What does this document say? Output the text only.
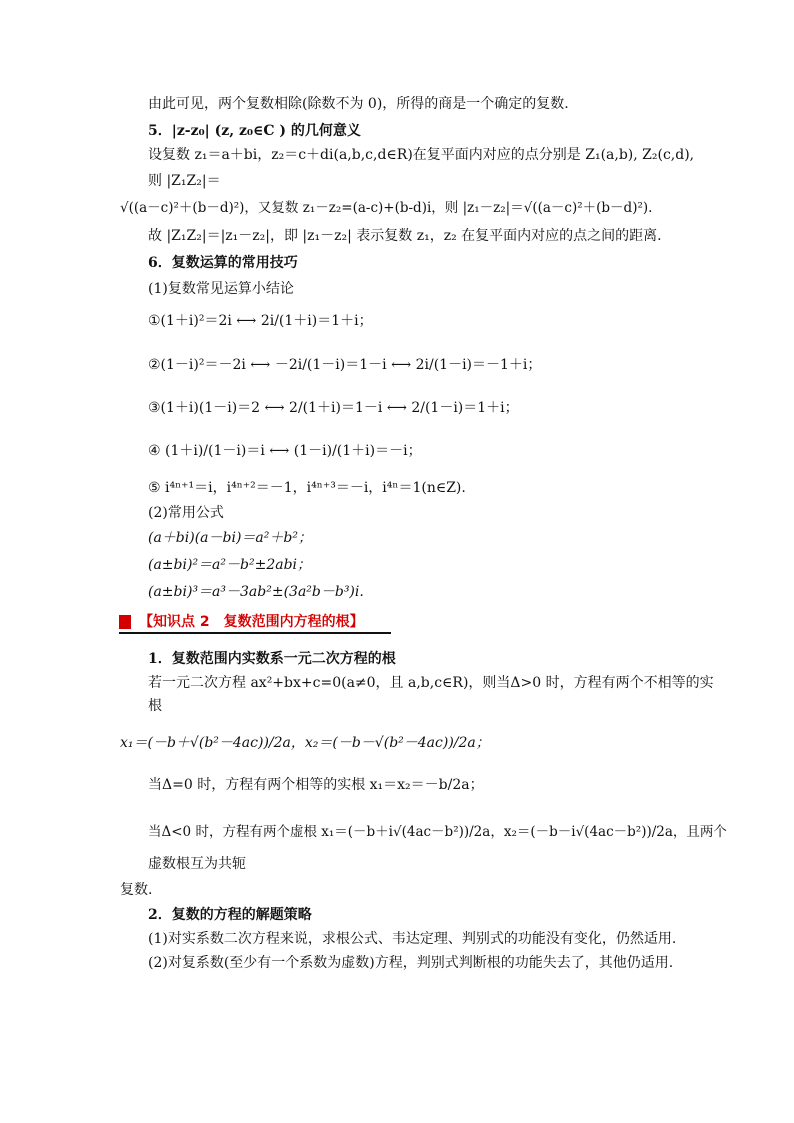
由此可见，两个复数相除(除数不为 0)，所得的商是一个确定的复数.
5．|z-z₀| (z, z₀∈C ) 的几何意义
设复数 z₁＝a＋bi，z₂＝c＋di(a,b,c,d∈R)在复平面内对应的点分别是 Z₁(a,b), Z₂(c,d),
则 |Z₁Z₂|＝
√((a－c)²＋(b－d)²)，又复数 z₁－z₂=(a-c)+(b-d)i，则 |z₁－z₂|＝√((a－c)²＋(b－d)²).
故 |Z₁Z₂|＝|z₁－z₂|，即 |z₁－z₂| 表示复数 z₁，z₂ 在复平面内对应的点之间的距离.
6．复数运算的常用技巧
(1)复数常见运算小结论
①(1＋i)²＝2i ⟷ 2i/(1＋i)＝1＋i；
②(1－i)²＝－2i ⟷ －2i/(1－i)＝1－i ⟷ 2i/(1－i)＝－1＋i；
③(1＋i)(1－i)＝2 ⟷ 2/(1＋i)＝1－i ⟷ 2/(1－i)＝1＋i；
④ (1＋i)/(1－i)＝i ⟷ (1－i)/(1＋i)＝－i；
⑤ i⁴ⁿ⁺¹＝i，i⁴ⁿ⁺²＝－1，i⁴ⁿ⁺³＝－i，i⁴ⁿ＝1(n∈Z).
(2)常用公式
(a＋bi)(a－bi)＝a²＋b²；
(a±bi)²＝a²－b²±2abi；
(a±bi)³＝a³－3ab²±(3a²b－b³)i.
【知识点 2　复数范围内方程的根】
1．复数范围内实数系一元二次方程的根
若一元二次方程 ax²+bx+c=0(a≠0，且 a,b,c∈R)，则当Δ>0 时，方程有两个不相等的实
根
x₁＝(－b＋√(b²－4ac))/2a，x₂＝(－b－√(b²－4ac))/2a；
当Δ=0 时，方程有两个相等的实根 x₁＝x₂＝－b/2a；
当Δ<0 时，方程有两个虚根 x₁＝(－b＋i√(4ac－b²))/2a，x₂＝(－b－i√(4ac－b²))/2a，且两个
虚数根互为共轭
复数.
2．复数的方程的解题策略
(1)对实系数二次方程来说，求根公式、韦达定理、判别式的功能没有变化，仍然适用.
(2)对复系数(至少有一个系数为虚数)方程，判别式判断根的功能失去了，其他仍适用.
